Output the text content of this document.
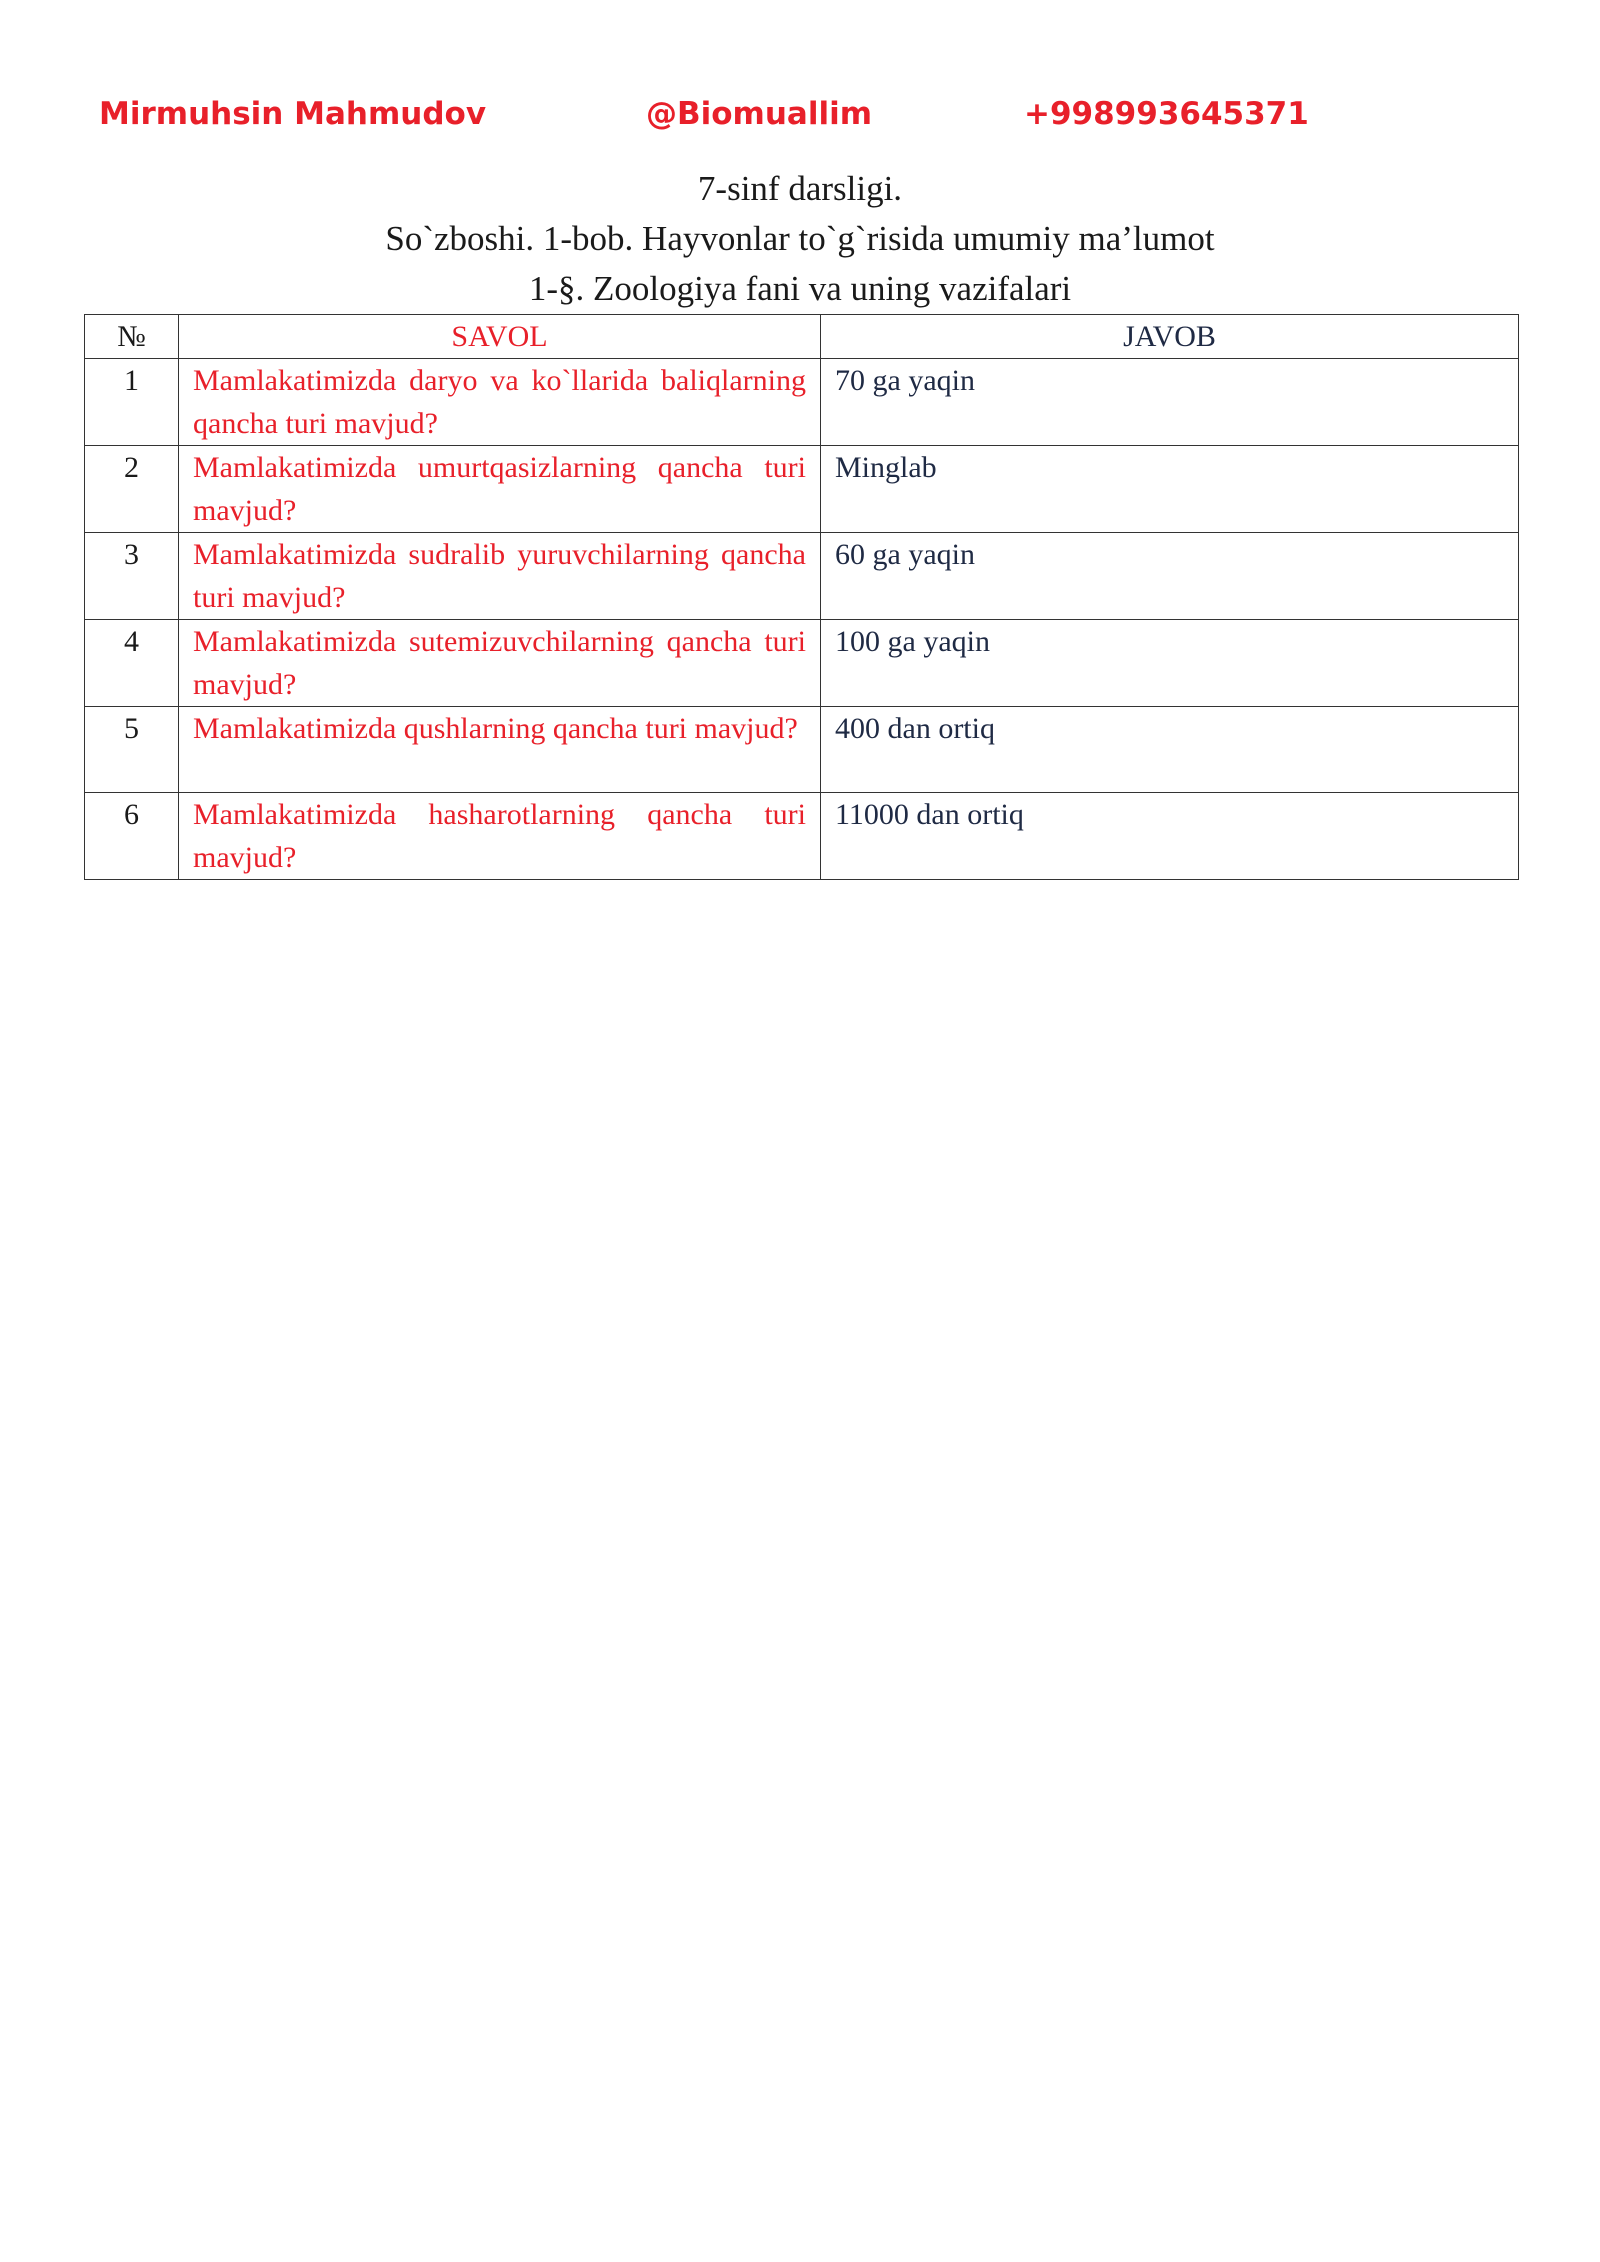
Mirmuhsin Mahmudov	@Biomuallim	+998993645371
7-sinf darsligi.
So`zboshi. 1-bob. Hayvonlar to`g`risida umumiy ma’lumot
1-§. Zoologiya fani va uning vazifalari
№	SAVOL	JAVOB
1	Mamlakatimizda daryo va ko`llarida baliqlarning qancha turi mavjud?	70 ga yaqin
2	Mamlakatimizda umurtqasizlarning qancha turi mavjud?	Minglab
3	Mamlakatimizda sudralib yuruvchilarning qancha turi mavjud?	60 ga yaqin
4	Mamlakatimizda sutemizuvchilarning qancha turi mavjud?	100 ga yaqin
5	Mamlakatimizda qushlarning qancha turi mavjud?	400 dan ortiq
6	Mamlakatimizda hasharotlarning qancha turi mavjud?	11000 dan ortiq
